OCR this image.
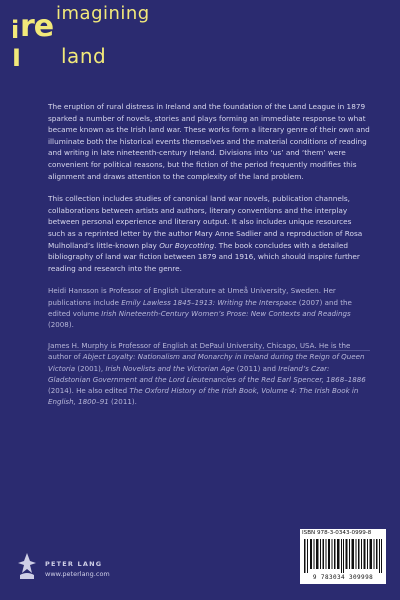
i re imagining
I land

The eruption of rural distress in Ireland and the foundation of the Land League in 1879 sparked a number of novels, stories and plays forming an immediate response to what became known as the Irish land war. These works form a literary genre of their own and illuminate both the historical events themselves and the material conditions of reading and writing in late nineteenth-century Ireland. Divisions into ‘us’ and ‘them’ were convenient for political reasons, but the fiction of the period frequently modifies this alignment and draws attention to the complexity of the land problem.

This collection includes studies of canonical land war novels, publication channels, collaborations between artists and authors, literary conventions and the interplay between personal experience and literary output. It also includes unique resources such as a reprinted letter by the author Mary Anne Sadlier and a reproduction of Rosa Mulholland’s little-known play Our Boycotting. The book concludes with a detailed bibliography of land war fiction between 1879 and 1916, which should inspire further reading and research into the genre.

Heidi Hansson is Professor of English Literature at Umeå University, Sweden. Her publications include Emily Lawless 1845–1913: Writing the Interspace (2007) and the edited volume Irish Nineteenth-Century Women’s Prose: New Contexts and Readings (2008).

James H. Murphy is Professor of English at DePaul University, Chicago, USA. He is the author of Abject Loyalty: Nationalism and Monarchy in Ireland during the Reign of Queen Victoria (2001), Irish Novelists and the Victorian Age (2011) and Ireland’s Czar: Gladstonian Government and the Lord Lieutenancies of the Red Earl Spencer, 1868–1886 (2014). He also edited The Oxford History of the Irish Book, Volume 4: The Irish Book in English, 1800–91 (2011).

PETER LANG
www.peterlang.com
ISBN 978-3-0343-0999-8
9 783034 309998
